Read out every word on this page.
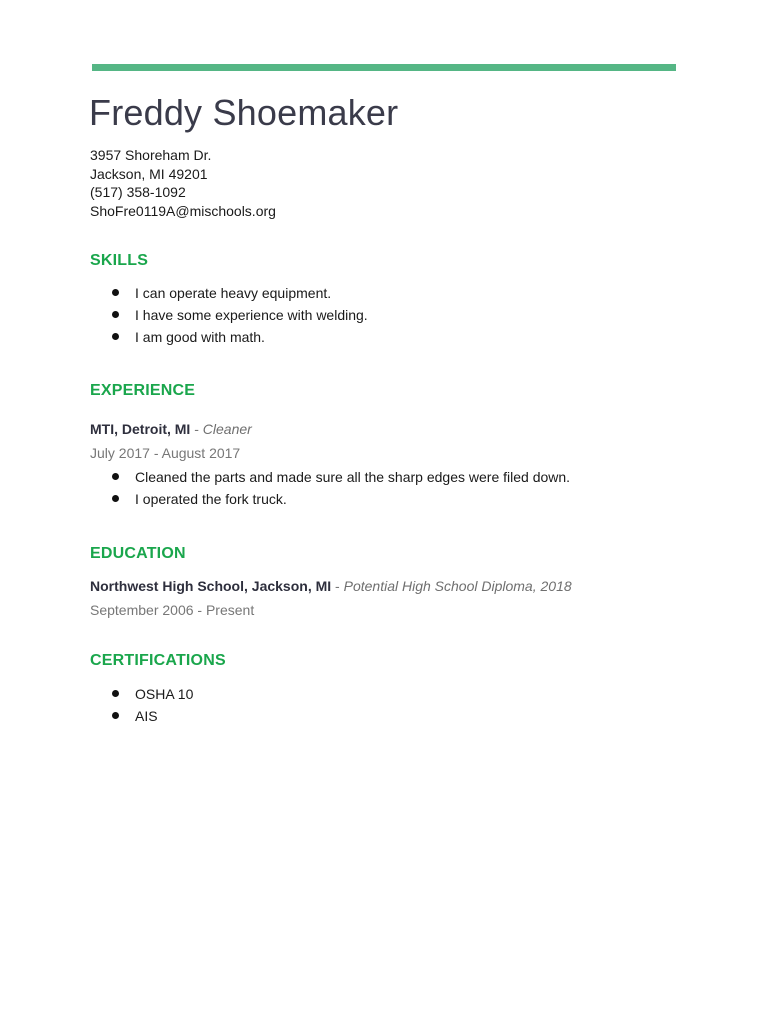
Freddy Shoemaker
3957 Shoreham Dr.
Jackson, MI 49201
(517) 358-1092
ShoFre0119A@mischools.org
SKILLS
I can operate heavy equipment.
I have some experience with welding.
I am good with math.
EXPERIENCE
MTI, Detroit, MI - Cleaner
July 2017 - August 2017
Cleaned the parts and made sure all the sharp edges were filed down.
I operated the fork truck.
EDUCATION
Northwest High School, Jackson, MI - Potential High School Diploma, 2018
September 2006 - Present
CERTIFICATIONS
OSHA 10
AIS
